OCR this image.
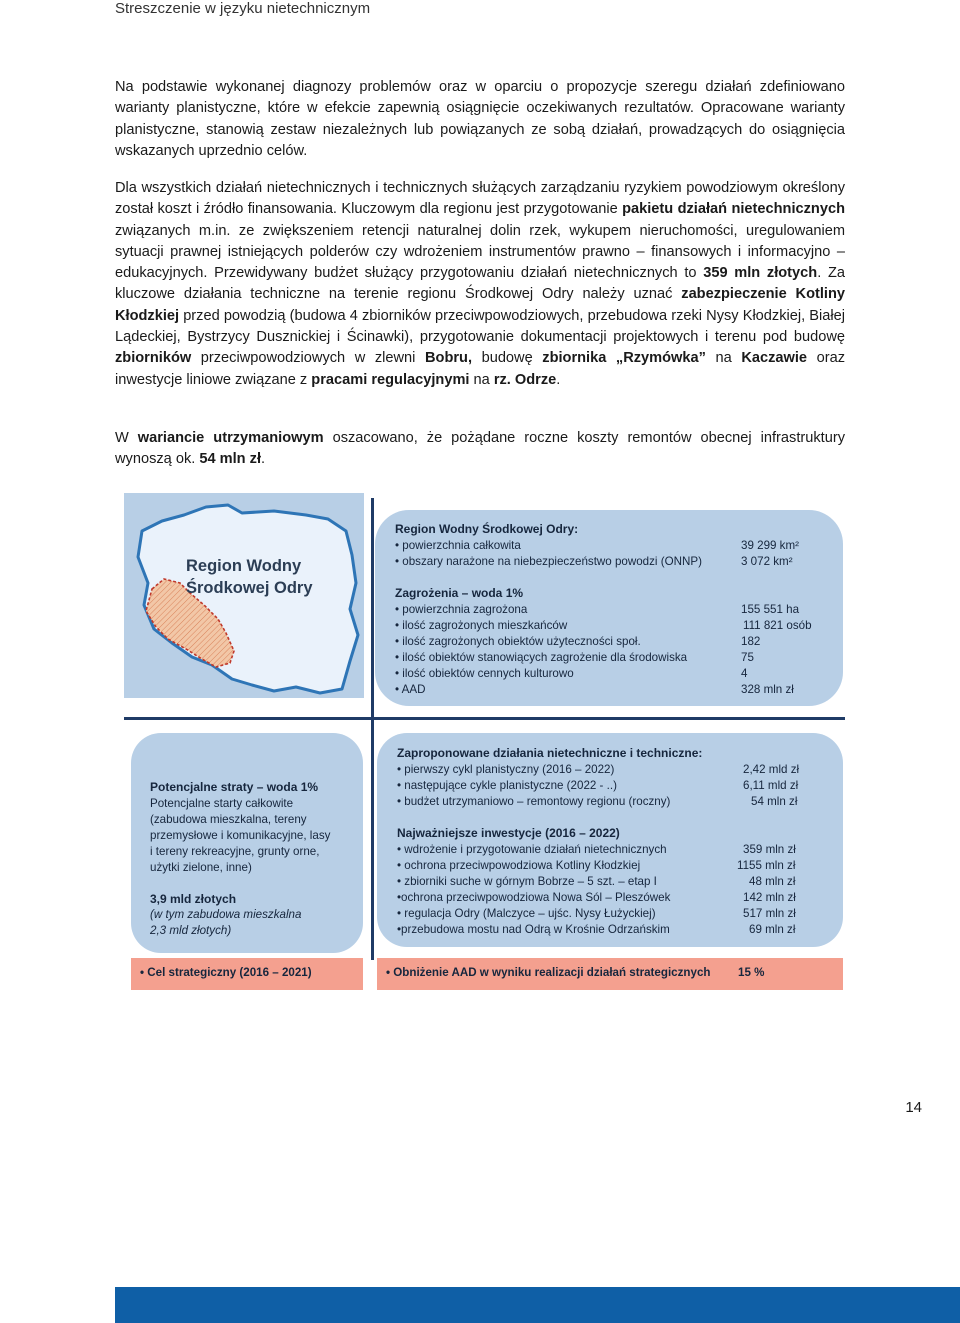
Streszczenie w języku nietechnicznym

Na podstawie wykonanej diagnozy problemów oraz w oparciu o propozycje szeregu działań zdefiniowano warianty planistyczne, które w efekcie zapewnią osiągnięcie oczekiwanych rezultatów. Opracowane warianty planistyczne, stanowią zestaw niezależnych lub powiązanych ze sobą działań, prowadzących do osiągnięcia wskazanych uprzednio celów.

Dla wszystkich działań nietechnicznych i technicznych służących zarządzaniu ryzykiem powodziowym określony został koszt i źródło finansowania. Kluczowym dla regionu jest przygotowanie pakietu działań nietechnicznych związanych m.in. ze zwiększeniem retencji naturalnej dolin rzek, wykupem nieruchomości, uregulowaniem sytuacji prawnej istniejących polderów czy wdrożeniem instrumentów prawno – finansowych i informacyjno – edukacyjnych. Przewidywany budżet służący przygotowaniu działań nietechnicznych to 359 mln złotych. Za kluczowe działania techniczne na terenie regionu Środkowej Odry należy uznać zabezpieczenie Kotliny Kłodzkiej przed powodzią (budowa 4 zbiorników przeciwpowodziowych, przebudowa rzeki Nysy Kłodzkiej, Białej Lądeckiej, Bystrzycy Dusznickiej i Ścinawki), przygotowanie dokumentacji projektowych i terenu pod budowę zbiorników przeciwpowodziowych w zlewni Bobru, budowę zbiornika „Rzymówka” na Kaczawie oraz inwestycje liniowe związane z pracami regulacyjnymi na rz. Odrze.

W wariancie utrzymaniowym oszacowano, że pożądane roczne koszty remontów obecnej infrastruktury wynoszą ok. 54 mln zł.

Region Wodny
Środkowej Odry
Region Wodny Środkowej Odry:
• powierzchnia całkowita	39 299 km²
• obszary narażone na niebezpieczeństwo powodzi (ONNP)	3 072 km²
Zagrożenia – woda 1%
• powierzchnia zagrożona	155 551 ha
• ilość zagrożonych mieszkańców	111 821 osób
• ilość zagrożonych obiektów użyteczności społ.	182
• ilość obiektów stanowiących zagrożenie dla środowiska	75
• ilość obiektów cennych kulturowo	4
• AAD	328 mln zł
Potencjalne straty – woda 1%
Potencjalne starty całkowite (zabudowa mieszkalna, tereny przemysłowe i komunikacyjne, lasy i tereny rekreacyjne, grunty orne, użytki zielone, inne)
3,9 mld złotych
(w tym zabudowa mieszkalna 2,3 mld złotych)
Zaproponowane działania nietechniczne i techniczne:
• pierwszy cykl planistyczny (2016 – 2022)	2,42 mld zł
• następujące cykle planistyczne (2022 - ..)	6,11 mld zł
• budżet utrzymaniowo – remontowy regionu (roczny)	54 mln zł
Najważniejsze inwestycje (2016 – 2022)
• wdrożenie i przygotowanie działań nietechnicznych	359 mln zł
• ochrona przeciwpowodziowa Kotliny Kłodzkiej	1155 mln zł
• zbiorniki suche w górnym Bobrze – 5 szt. – etap I	48 mln zł
•ochrona przeciwpowodziowa Nowa Sól – Pleszówek	142 mln zł
• regulacja Odry (Malczyce – ujśc. Nysy Łużyckiej)	517 mln zł
•przebudowa mostu nad Odrą w Krośnie Odrzańskim	69 mln zł
• Cel strategiczny (2016 – 2021)	• Obniżenie AAD w wyniku realizacji działań strategicznych 15 %
14
